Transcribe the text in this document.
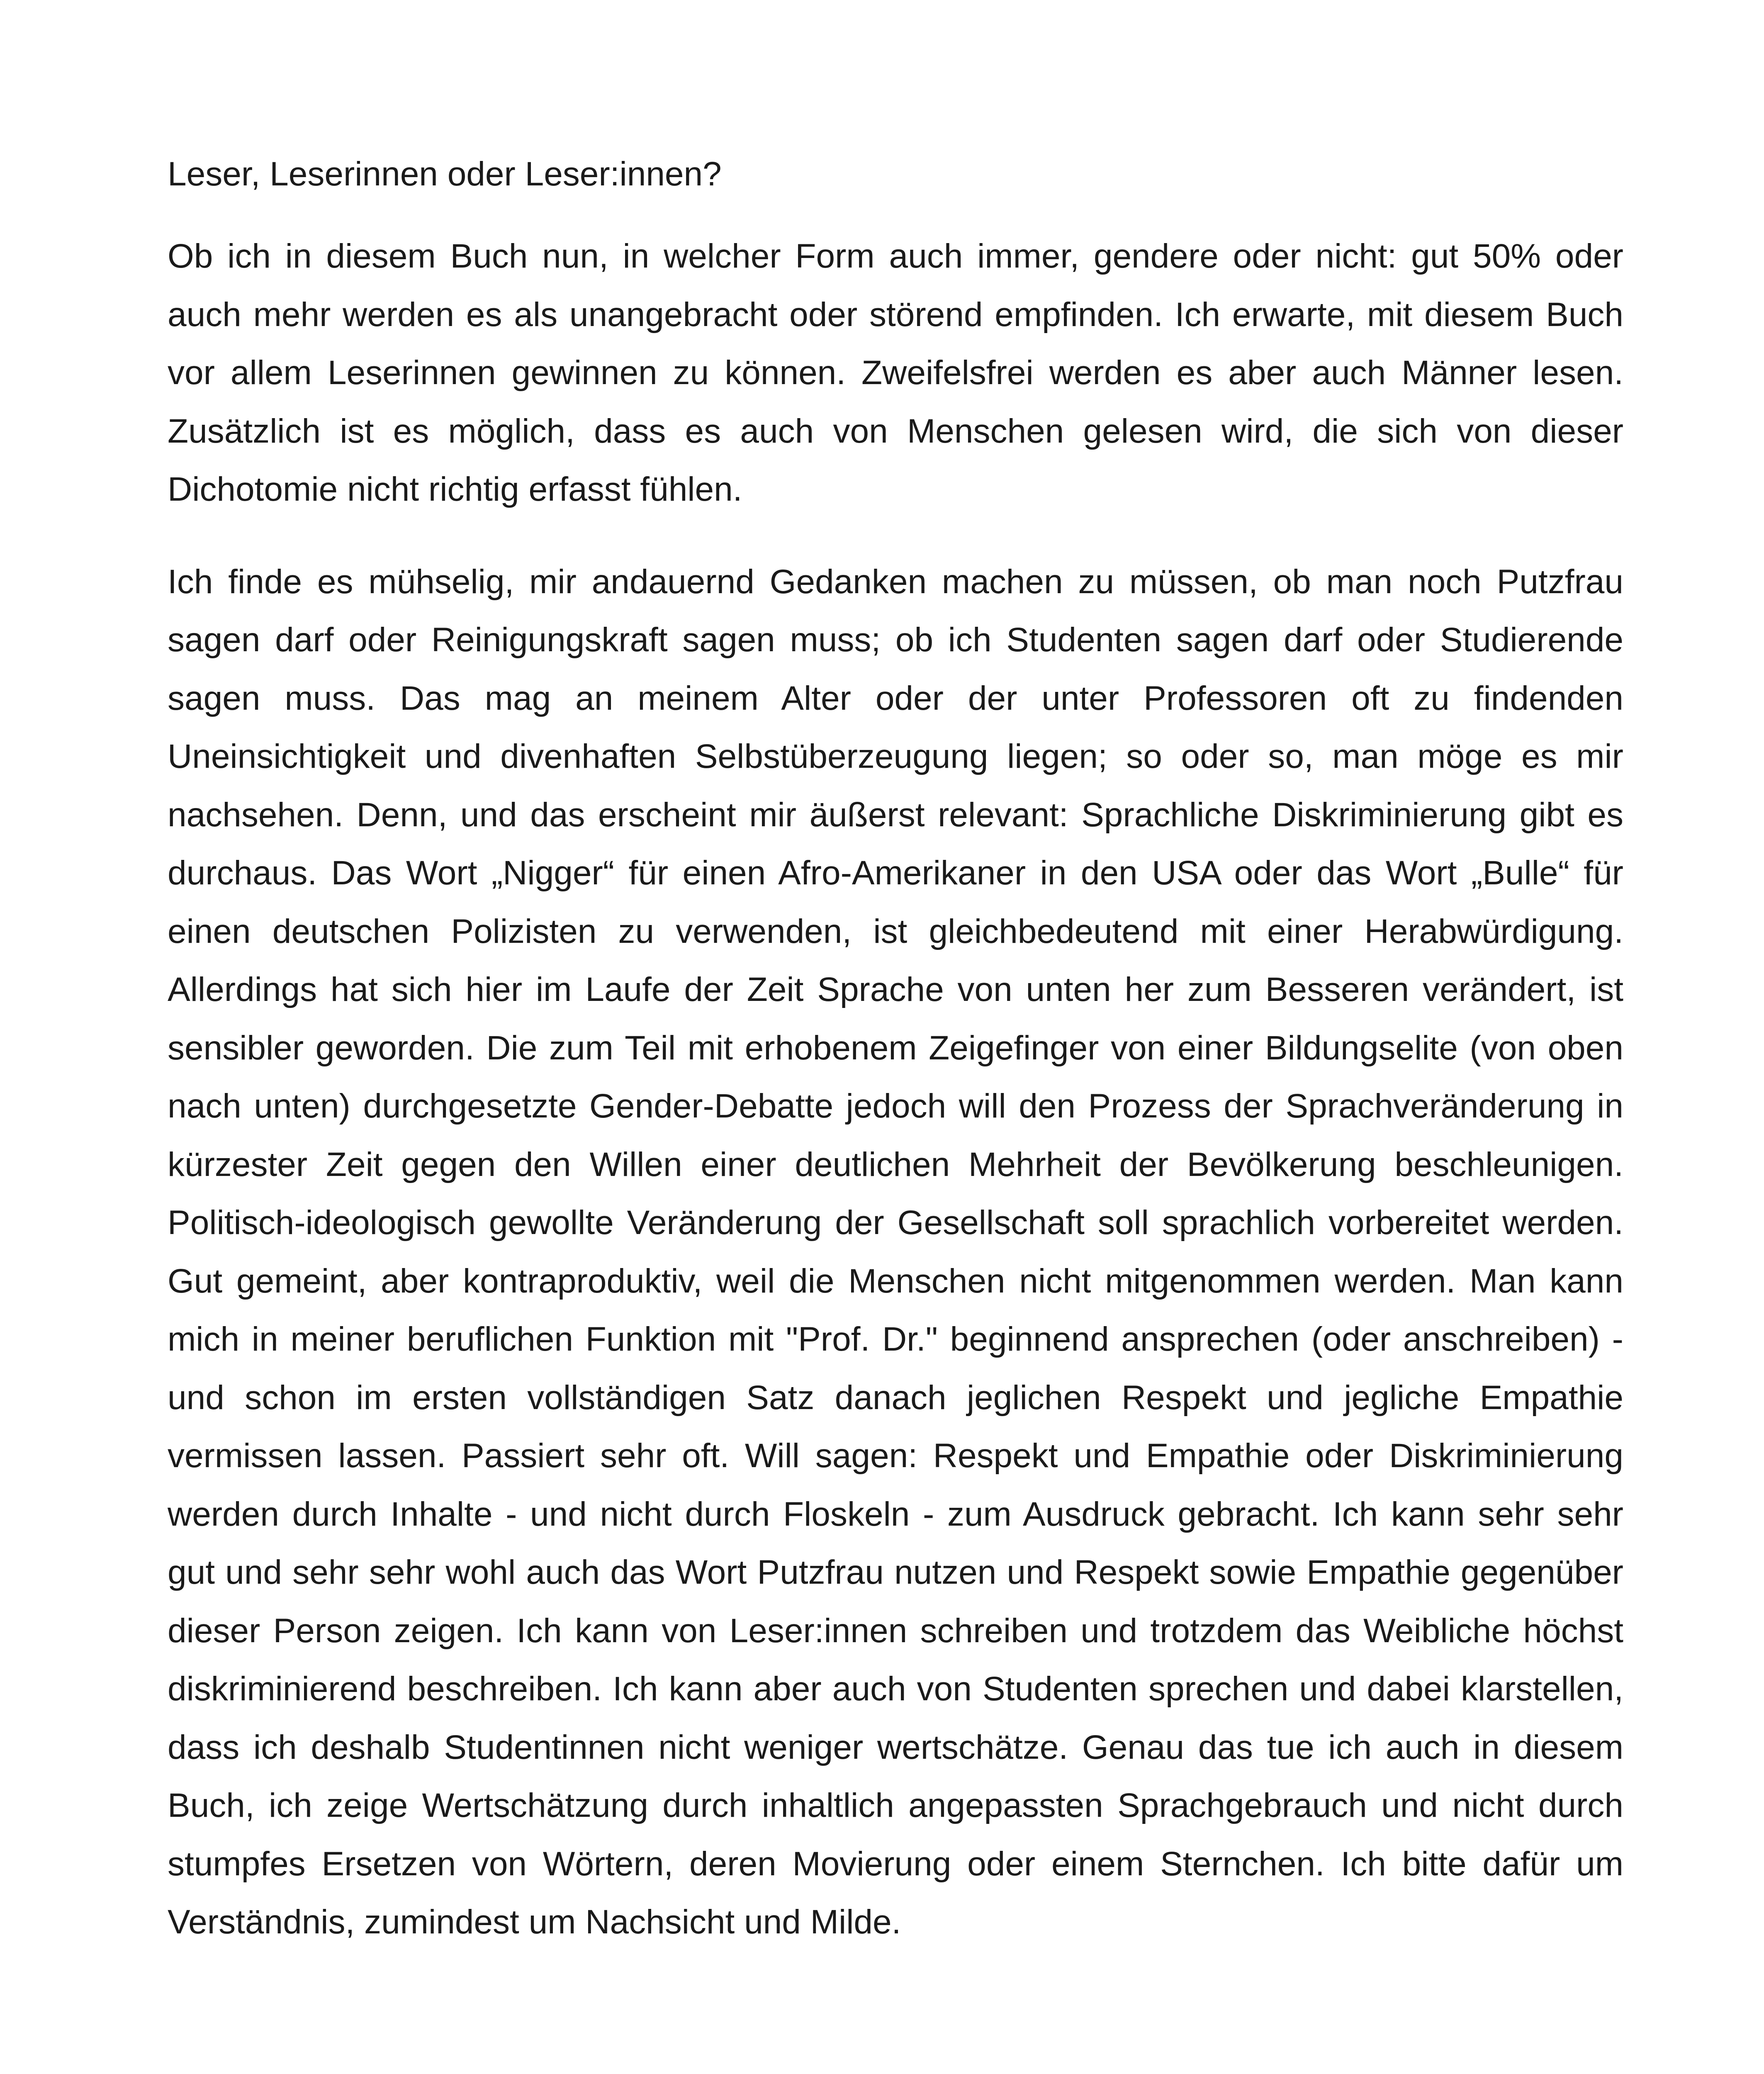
Leser, Leserinnen oder Leser:innen?

Ob ich in diesem Buch nun, in welcher Form auch immer, gendere oder nicht: gut 50% oder auch mehr werden es als unangebracht oder störend empfinden. Ich erwarte, mit diesem Buch vor allem Leserinnen gewinnen zu können. Zweifelsfrei werden es aber auch Männer lesen. Zusätzlich ist es möglich, dass es auch von Menschen gelesen wird, die sich von dieser Dichotomie nicht richtig erfasst fühlen.

Ich finde es mühselig, mir andauernd Gedanken machen zu müssen, ob man noch Putzfrau sagen darf oder Reinigungskraft sagen muss; ob ich Studenten sagen darf oder Studierende sagen muss. Das mag an meinem Alter oder der unter Professoren oft zu findenden Uneinsichtigkeit und divenhaften Selbstüberzeugung liegen; so oder so, man möge es mir nachsehen. Denn, und das erscheint mir äußerst relevant: Sprachliche Diskriminierung gibt es durchaus. Das Wort „Nigger“ für einen Afro-Amerikaner in den USA oder das Wort „Bulle“ für einen deutschen Polizisten zu verwenden, ist gleichbedeutend mit einer Herabwürdigung. Allerdings hat sich hier im Laufe der Zeit Sprache von unten her zum Besseren verändert, ist sensibler geworden. Die zum Teil mit erhobenem Zeigefinger von einer Bildungselite (von oben nach unten) durchgesetzte Gender-Debatte jedoch will den Prozess der Sprachveränderung in kürzester Zeit gegen den Willen einer deutlichen Mehrheit der Bevölkerung beschleunigen. Politisch-ideologisch gewollte Veränderung der Gesellschaft soll sprachlich vorbereitet werden. Gut gemeint, aber kontraproduktiv, weil die Menschen nicht mitgenommen werden. Man kann mich in meiner beruflichen Funktion mit "Prof. Dr." beginnend ansprechen (oder anschreiben) - und schon im ersten vollständigen Satz danach jeglichen Respekt und jegliche Empathie vermissen lassen. Passiert sehr oft. Will sagen: Respekt und Empathie oder Diskriminierung werden durch Inhalte - und nicht durch Floskeln - zum Ausdruck gebracht. Ich kann sehr sehr gut und sehr sehr wohl auch das Wort Putzfrau nutzen und Respekt sowie Empathie gegenüber dieser Person zeigen. Ich kann von Leser:innen schreiben und trotzdem das Weibliche höchst diskriminierend beschreiben. Ich kann aber auch von Studenten sprechen und dabei klarstellen, dass ich deshalb Studentinnen nicht weniger wertschätze. Genau das tue ich auch in diesem Buch, ich zeige Wertschätzung durch inhaltlich angepassten Sprachgebrauch und nicht durch stumpfes Ersetzen von Wörtern, deren Movierung oder einem Sternchen. Ich bitte dafür um Verständnis, zumindest um Nachsicht und Milde.
